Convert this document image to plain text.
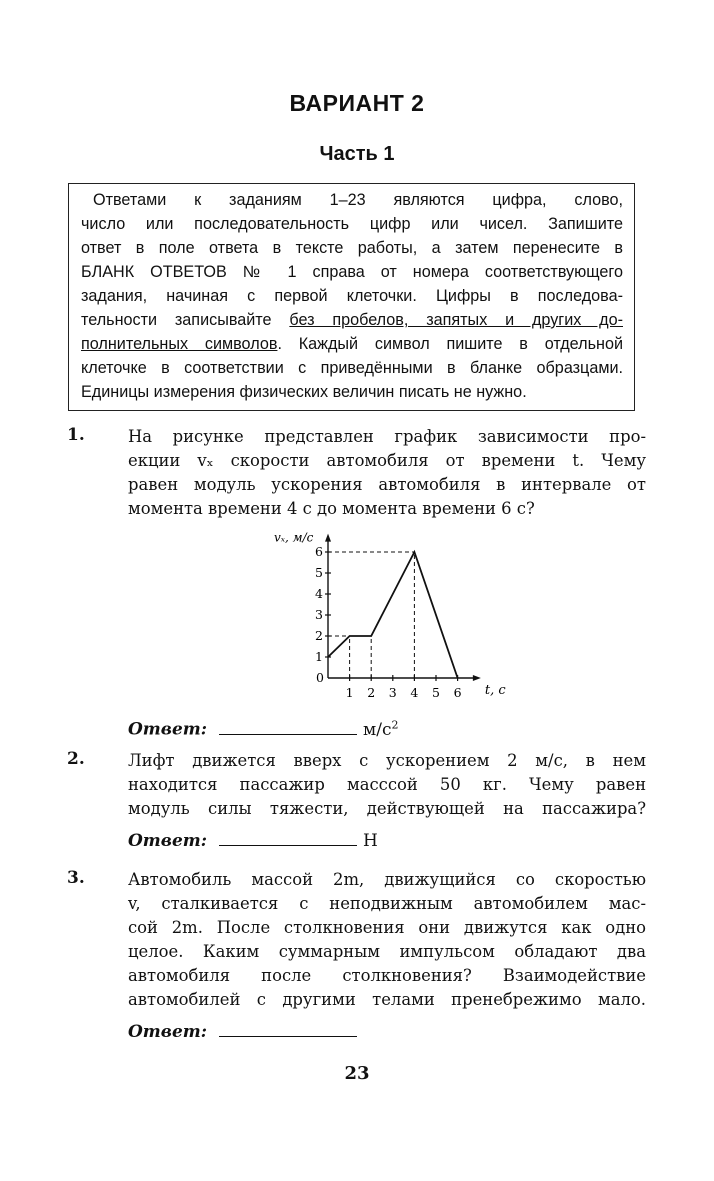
ВАРИАНТ 2
Часть 1
Ответами к заданиям 1–23 являются цифра, слово,
число или последовательность цифр или чисел. Запишите
ответ в поле ответа в тексте работы, а затем перенесите в
БЛАНК ОТВЕТОВ № 1 справа от номера соответствующего
задания, начиная с первой клеточки. Цифры в последова-
тельности записывайте без пробелов, запятых и других до-
полнительных символов. Каждый символ пишите в отдельной
клеточке в соответствии с приведёнными в бланке образцами.
Единицы измерения физических величин писать не нужно.
1.	На рисунке представлен график зависимости про-
екции vₓ скорости автомобиля от времени t. Чему
равен модуль ускорения автомобиля в интервале от
момента времени 4 с до момента времени 6 с?
vₓ, м/с
t, c
0
1 2 3 4 5 6
1
2
3
4
5
6
Ответ:	$м/с^2$
2.	Лифт движется вверх с ускорением 2 м/с, в нем
находится пассажир масссой 50 кг. Чему равен
модуль силы тяжести, действующей на пассажира?
Ответ:	Н
3.	Автомобиль массой 2m, движущийся со скоростью
v, сталкивается с неподвижным автомобилем мас-
сой 2m. После столкновения они движутся как одно
целое. Каким суммарным импульсом обладают два
автомобиля после столкновения? Взаимодействие
автомобилей с другими телами пренебрежимо мало.
Ответ:
23
